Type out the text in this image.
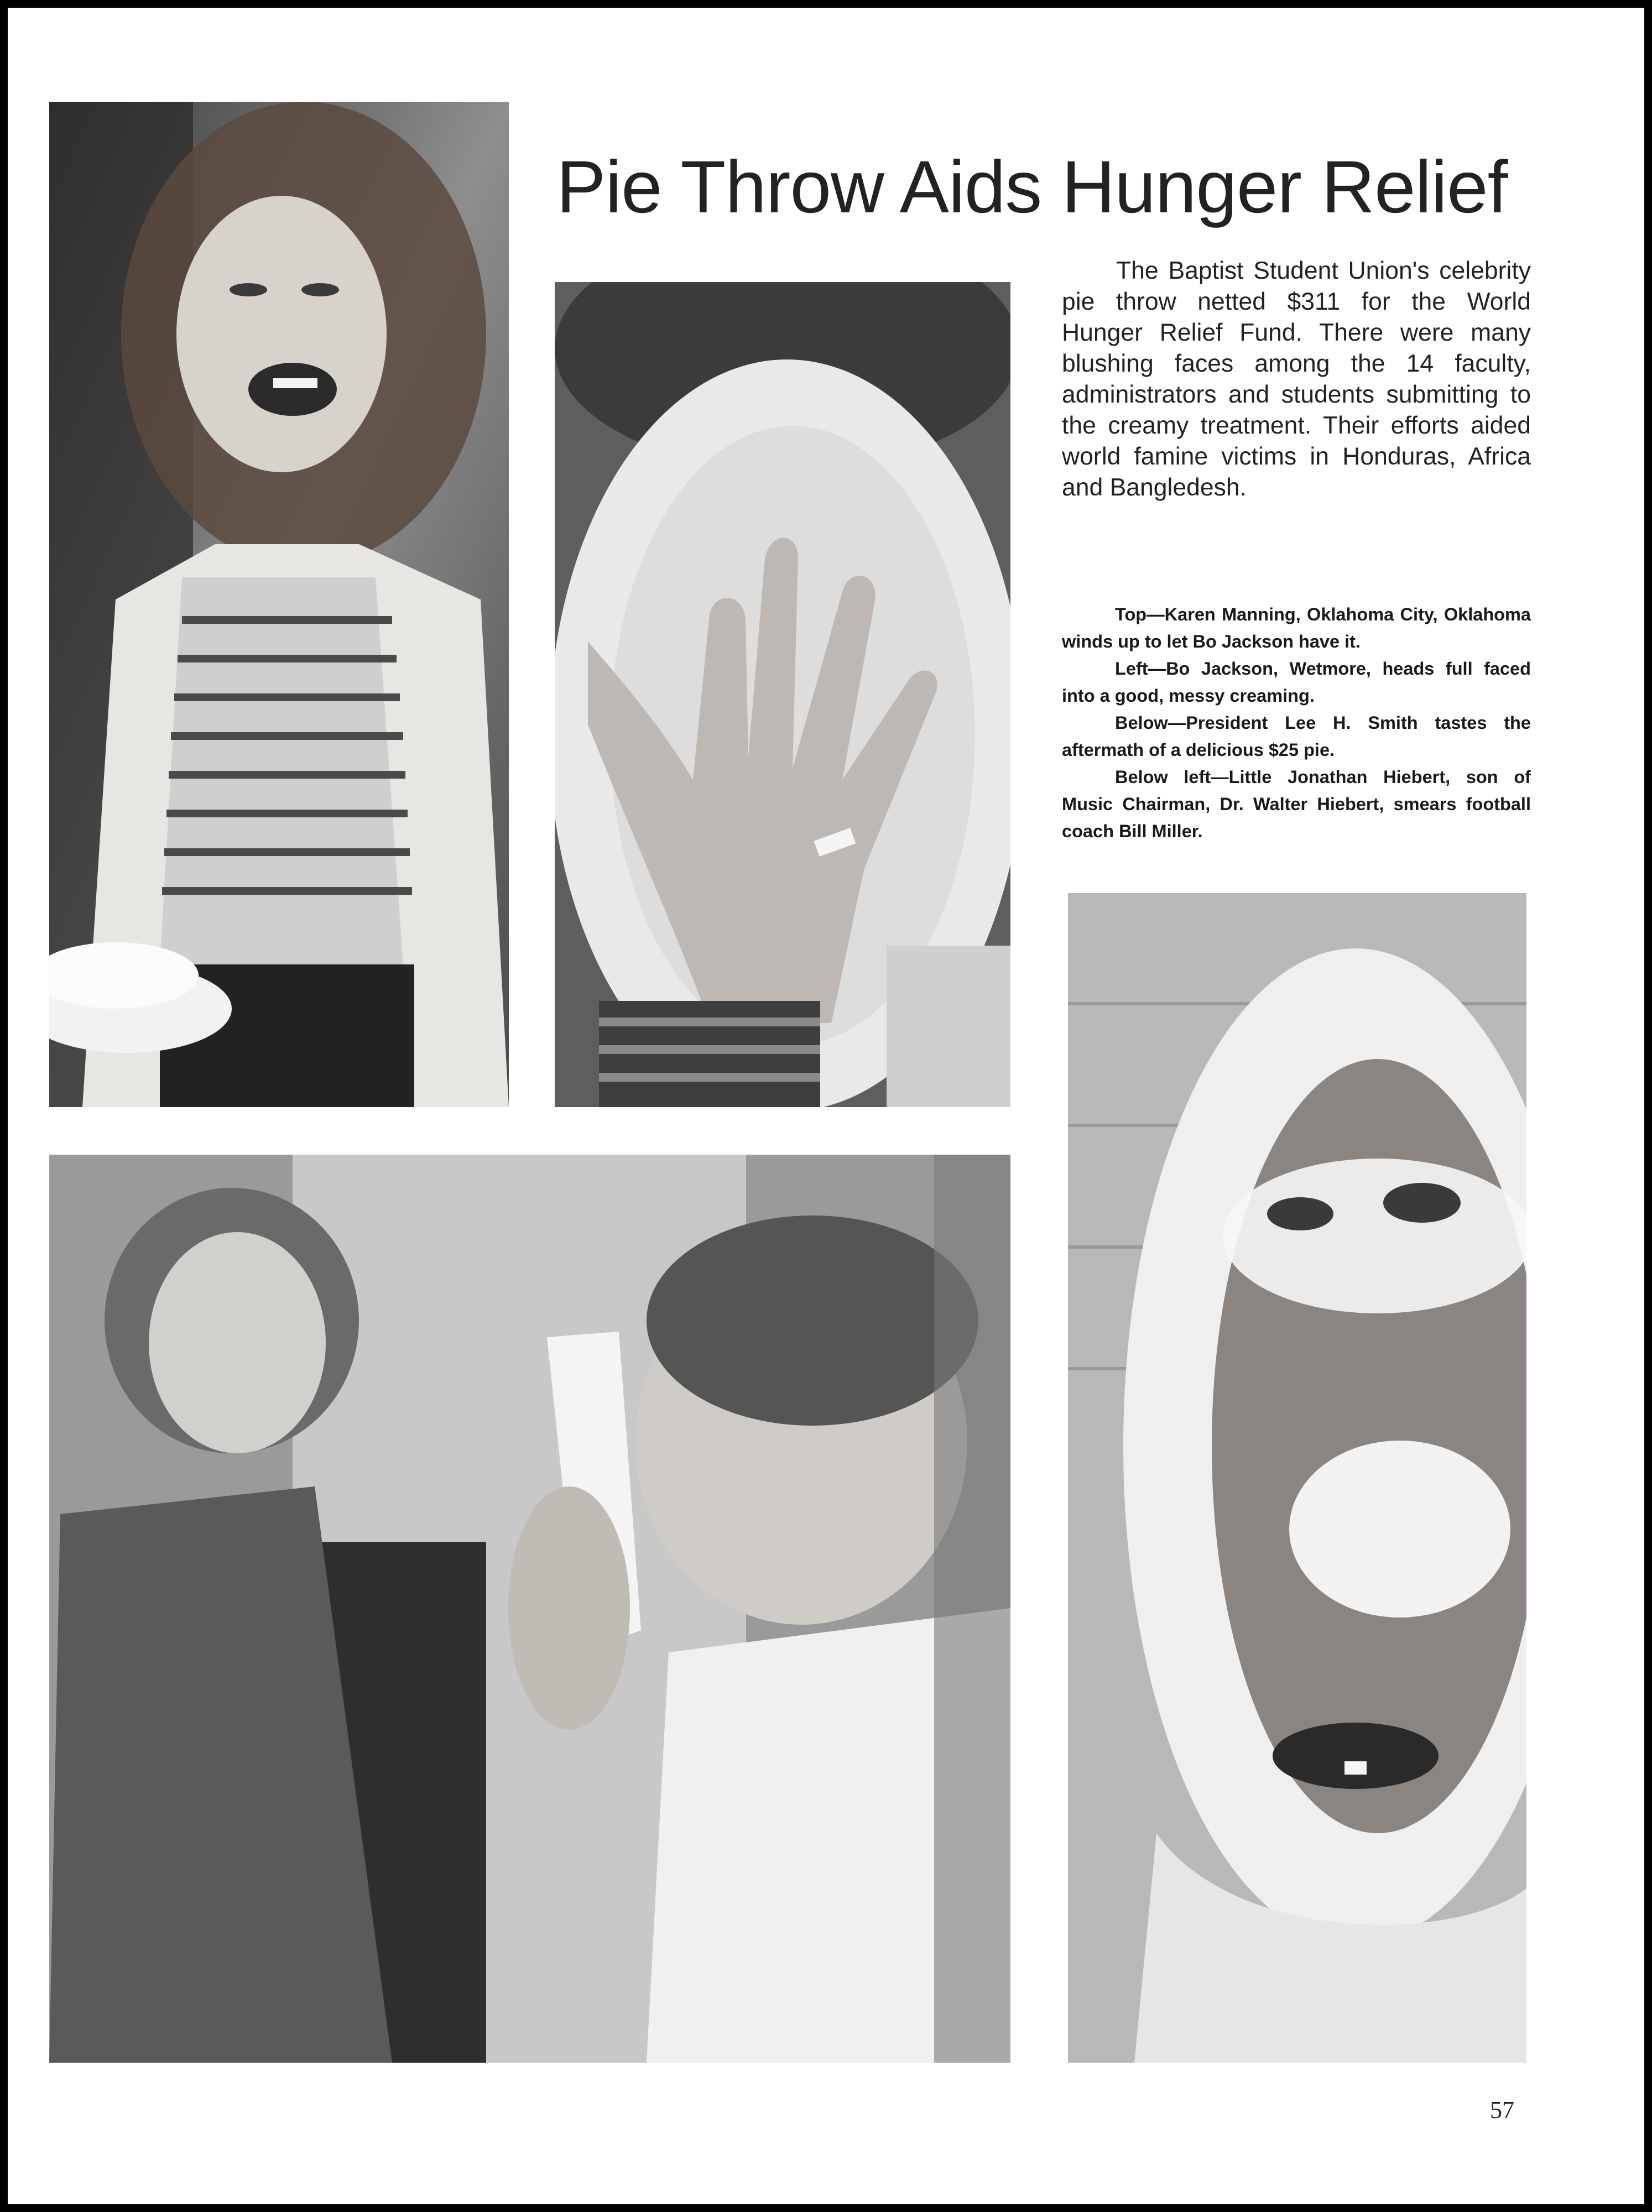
Pie Throw Aids Hunger Relief

The Baptist Student Union's celebrity pie throw netted $311 for the World Hunger Relief Fund. There were many blushing faces among the 14 faculty, administrators and students submitting to the creamy treatment. Their efforts aided world famine victims in Honduras, Africa and Bangledesh.

Top—Karen Manning, Oklahoma City, Oklahoma winds up to let Bo Jackson have it.

Left—Bo Jackson, Wetmore, heads full faced into a good, messy creaming.

Below—President Lee H. Smith tastes the aftermath of a delicious $25 pie.

Below left—Little Jonathan Hiebert, son of Music Chairman, Dr. Walter Hiebert, smears football coach Bill Miller.

57
